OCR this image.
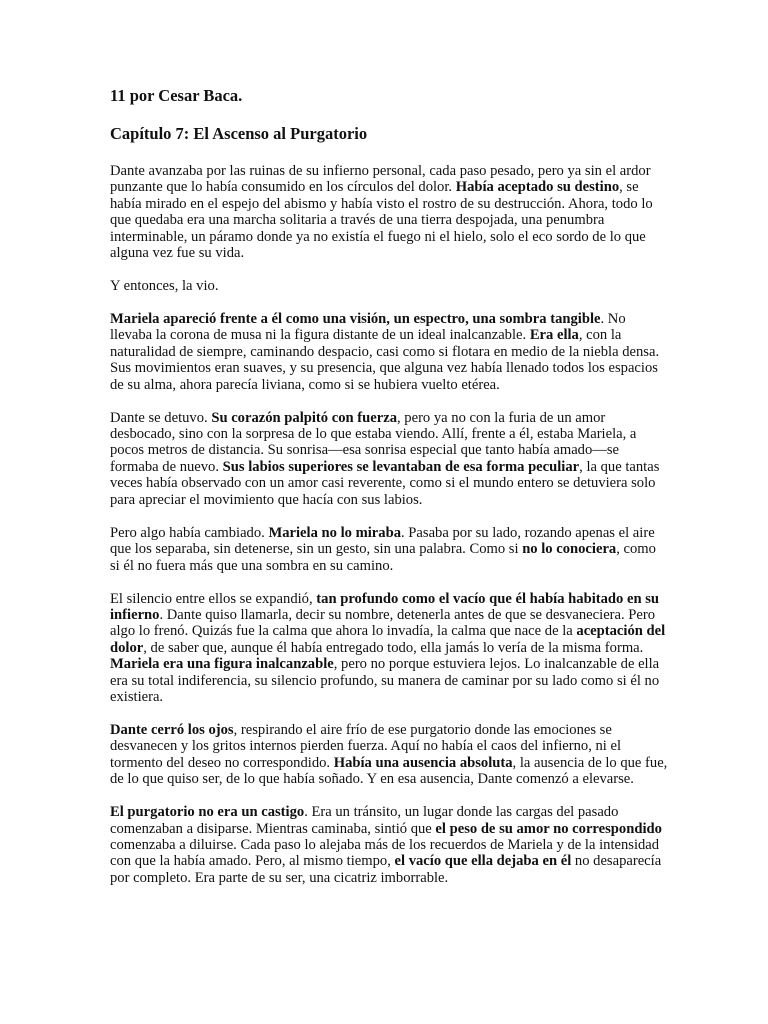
11 por Cesar Baca.
Capítulo 7: El Ascenso al Purgatorio
Dante avanzaba por las ruinas de su infierno personal, cada paso pesado, pero ya sin el ardor punzante que lo había consumido en los círculos del dolor. Había aceptado su destino, se había mirado en el espejo del abismo y había visto el rostro de su destrucción. Ahora, todo lo que quedaba era una marcha solitaria a través de una tierra despojada, una penumbra interminable, un páramo donde ya no existía el fuego ni el hielo, solo el eco sordo de lo que alguna vez fue su vida.
Y entonces, la vio.
Mariela apareció frente a él como una visión, un espectro, una sombra tangible. No llevaba la corona de musa ni la figura distante de un ideal inalcanzable. Era ella, con la naturalidad de siempre, caminando despacio, casi como si flotara en medio de la niebla densa. Sus movimientos eran suaves, y su presencia, que alguna vez había llenado todos los espacios de su alma, ahora parecía liviana, como si se hubiera vuelto etérea.
Dante se detuvo. Su corazón palpitó con fuerza, pero ya no con la furia de un amor desbocado, sino con la sorpresa de lo que estaba viendo. Allí, frente a él, estaba Mariela, a pocos metros de distancia. Su sonrisa—esa sonrisa especial que tanto había amado—se formaba de nuevo. Sus labios superiores se levantaban de esa forma peculiar, la que tantas veces había observado con un amor casi reverente, como si el mundo entero se detuviera solo para apreciar el movimiento que hacía con sus labios.
Pero algo había cambiado. Mariela no lo miraba. Pasaba por su lado, rozando apenas el aire que los separaba, sin detenerse, sin un gesto, sin una palabra. Como si no lo conociera, como si él no fuera más que una sombra en su camino.
El silencio entre ellos se expandió, tan profundo como el vacío que él había habitado en su infierno. Dante quiso llamarla, decir su nombre, detenerla antes de que se desvaneciera. Pero algo lo frenó. Quizás fue la calma que ahora lo invadía, la calma que nace de la aceptación del dolor, de saber que, aunque él había entregado todo, ella jamás lo vería de la misma forma. Mariela era una figura inalcanzable, pero no porque estuviera lejos. Lo inalcanzable de ella era su total indiferencia, su silencio profundo, su manera de caminar por su lado como si él no existiera.
Dante cerró los ojos, respirando el aire frío de ese purgatorio donde las emociones se desvanecen y los gritos internos pierden fuerza. Aquí no había el caos del infierno, ni el tormento del deseo no correspondido. Había una ausencia absoluta, la ausencia de lo que fue, de lo que quiso ser, de lo que había soñado. Y en esa ausencia, Dante comenzó a elevarse.
El purgatorio no era un castigo. Era un tránsito, un lugar donde las cargas del pasado comenzaban a disiparse. Mientras caminaba, sintió que el peso de su amor no correspondido comenzaba a diluirse. Cada paso lo alejaba más de los recuerdos de Mariela y de la intensidad con que la había amado. Pero, al mismo tiempo, el vacío que ella dejaba en él no desaparecía por completo. Era parte de su ser, una cicatriz imborrable.
